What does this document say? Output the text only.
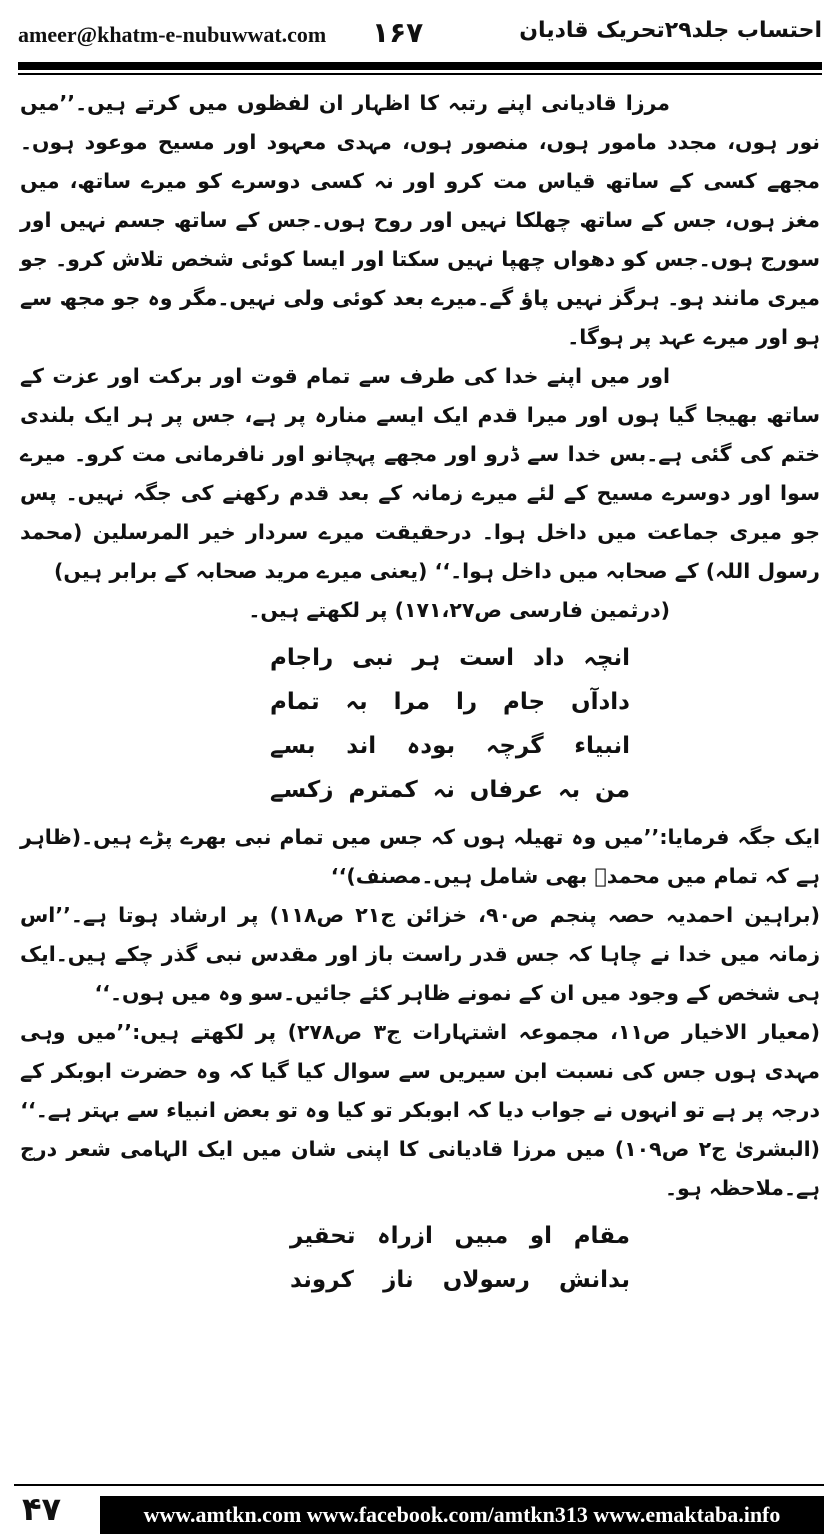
ameer@khatm-e-nubuwwat.com ۱۶۷	احتساب جلد۲۹تحریک قادیان

مرزا قادیانی اپنے رتبہ کا اظہار ان لفظوں میں کرتے ہیں۔’’میں نور ہوں، مجدد مامور ہوں، منصور ہوں، مہدی معہود اور مسیح موعود ہوں۔ مجھے کسی کے ساتھ قیاس مت کرو اور نہ کسی دوسرے کو میرے ساتھ، میں مغز ہوں، جس کے ساتھ چھلکا نہیں اور روح ہوں۔جس کے ساتھ جسم نہیں اور سورج ہوں۔جس کو دھواں چھپا نہیں سکتا اور ایسا کوئی شخص تلاش کرو۔ جو میری مانند ہو۔ ہرگز نہیں پاؤ گے۔میرے بعد کوئی ولی نہیں۔مگر وہ جو مجھ سے ہو اور میرے عہد پر ہوگا۔

اور میں اپنے خدا کی طرف سے تمام قوت اور برکت اور عزت کے ساتھ بھیجا گیا ہوں اور میرا قدم ایک ایسے منارہ پر ہے، جس پر ہر ایک بلندی ختم کی گئی ہے۔بس خدا سے ڈرو اور مجھے پہچانو اور نافرمانی مت کرو۔ میرے سوا اور دوسرے مسیح کے لئے میرے زمانہ کے بعد قدم رکھنے کی جگہ نہیں۔ پس جو میری جماعت میں داخل ہوا۔ درحقیقت میرے سردار خیر المرسلین (محمد رسول اللہ) کے صحابہ میں داخل ہوا۔‘‘ (یعنی میرے مرید صحابہ کے برابر ہیں)

(درثمین فارسی ص۱۷۱،۲۷) پر لکھتے ہیں۔

انچہ
داد
است
ہر
نبی
راجام
دادآں
جام
را
مرا
بہ
تمام
انبیاء
گرچہ
بودہ
اند
بسے
من
بہ
عرفاں
نہ
کمترم
زکسے

ایک جگہ فرمایا:’’میں وہ تھیلہ ہوں کہ جس میں تمام نبی بھرے پڑے ہیں۔(ظاہر ہے کہ تمام میں محمدؐ بھی شامل ہیں۔مصنف)‘‘

(براہین احمدیہ حصہ پنجم ص۹۰، خزائن ج۲۱ ص۱۱۸) پر ارشاد ہوتا ہے۔’’اس زمانہ میں خدا نے چاہا کہ جس قدر راست باز اور مقدس نبی گذر چکے ہیں۔ایک ہی شخص کے وجود میں ان کے نمونے ظاہر کئے جائیں۔سو وہ میں ہوں۔‘‘

(معیار الاخیار ص۱۱، مجموعہ اشتہارات ج۳ ص۲۷۸) پر لکھتے ہیں:’’میں وہی مہدی ہوں جس کی نسبت ابن سیریں سے سوال کیا گیا کہ وہ حضرت ابوبکر کے درجہ پر ہے تو انہوں نے جواب دیا کہ ابوبکر تو کیا وہ تو بعض انبیاء سے بہتر ہے۔‘‘

(البشریٰ ج۲ ص۱۰۹) میں مرزا قادیانی کا اپنی شان میں ایک الہامی شعر درج ہے۔ملاحظہ ہو۔

مقام
او
مبیں
ازراہ
تحقیر
بدانش
رسولاں
ناز
کروند
۴۷	www.amtkn.com www.facebook.com/amtkn313 www.emaktaba.info
